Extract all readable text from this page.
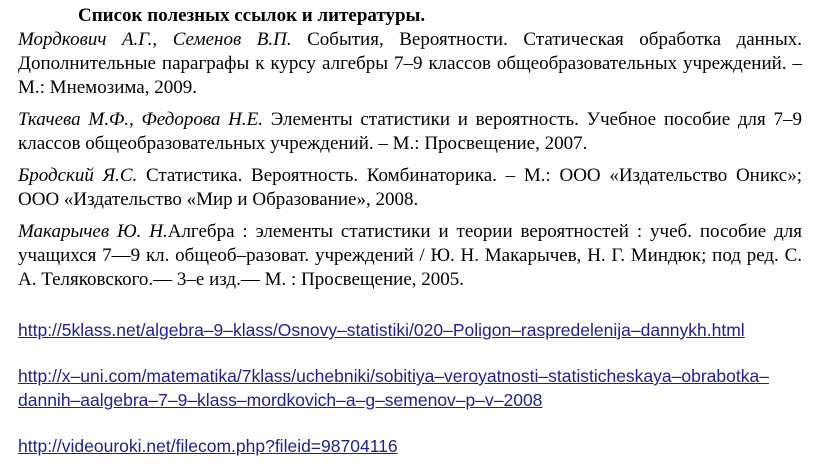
Список полезных ссылок и литературы.

Мордкович А.Г., Семенов В.П. События, Вероятности. Статическая обработка данных. Дополнительные параграфы к курсу алгебры 7–9 классов общеобразовательных учреждений. – М.: Мнемозима, 2009.

Ткачева М.Ф., Федорова Н.Е. Элементы статистики и вероятность. Учебное пособие для 7–9 классов общеобразовательных учреждений. – М.: Просвещение, 2007.

Бродский Я.С. Статистика. Вероятность. Комбинаторика. – М.: ООО «Издательство Оникс»; ООО «Издательство «Мир и Образование», 2008.

Макарычев Ю. Н.Алгебра : элементы статистики и теории вероятностей : учеб. пособие для учащихся 7—9 кл. общеоб–разоват. учреждений / Ю. Н. Макарычев, Н. Г. Миндюк; под ред. С. А. Теляковского.— 3–е изд.— М. : Просвещение, 2005.

http://5klass.net/algebra–9–klass/Osnovy–statistiki/020–Poligon–raspredelenija–dannykh.html
http://x–uni.com/matematika/7klass/uchebniki/sobitiya–veroyatnosti–statisticheskaya–obrabotka–dannih–aalgebra–7–9–klass–mordkovich–a–g–semenov–p–v–2008
http://videouroki.net/filecom.php?fileid=98704116
